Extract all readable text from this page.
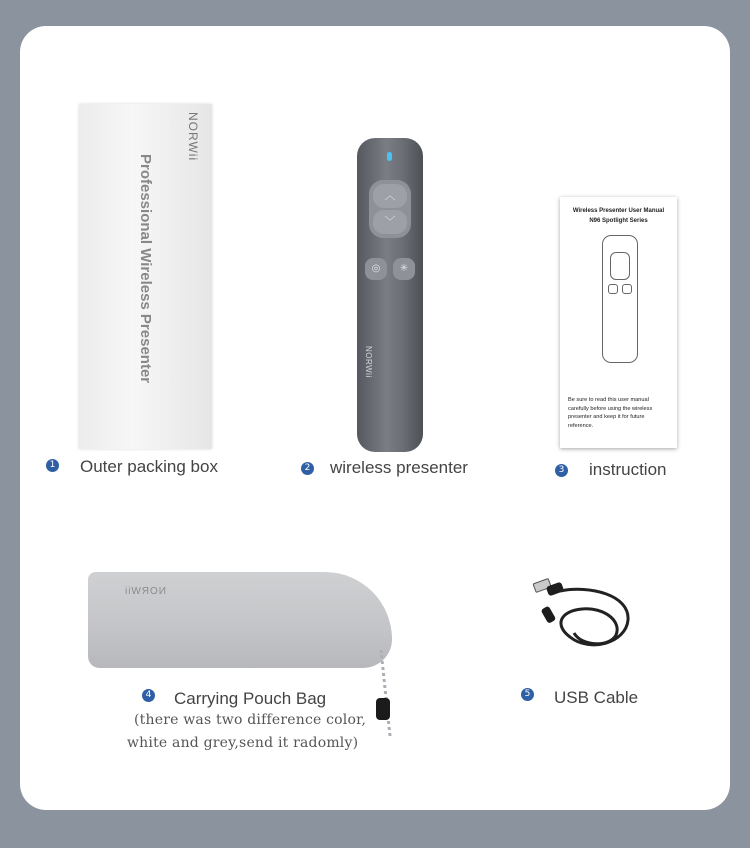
NORWii
Professional Wireless Presenter
1 Outer packing box
︿
﹀
◎	✳
NORWii
2 wireless presenter
Wireless Presenter User Manual
N96 Spotlight Series
Be sure to read this user manual
carefully before using the wireless
presenter and keep it for future
reference.
3 instruction
NORWii
4 Carrying Pouch Bag
(there was two difference color,
white and grey,send it radomly)
5 USB Cable
